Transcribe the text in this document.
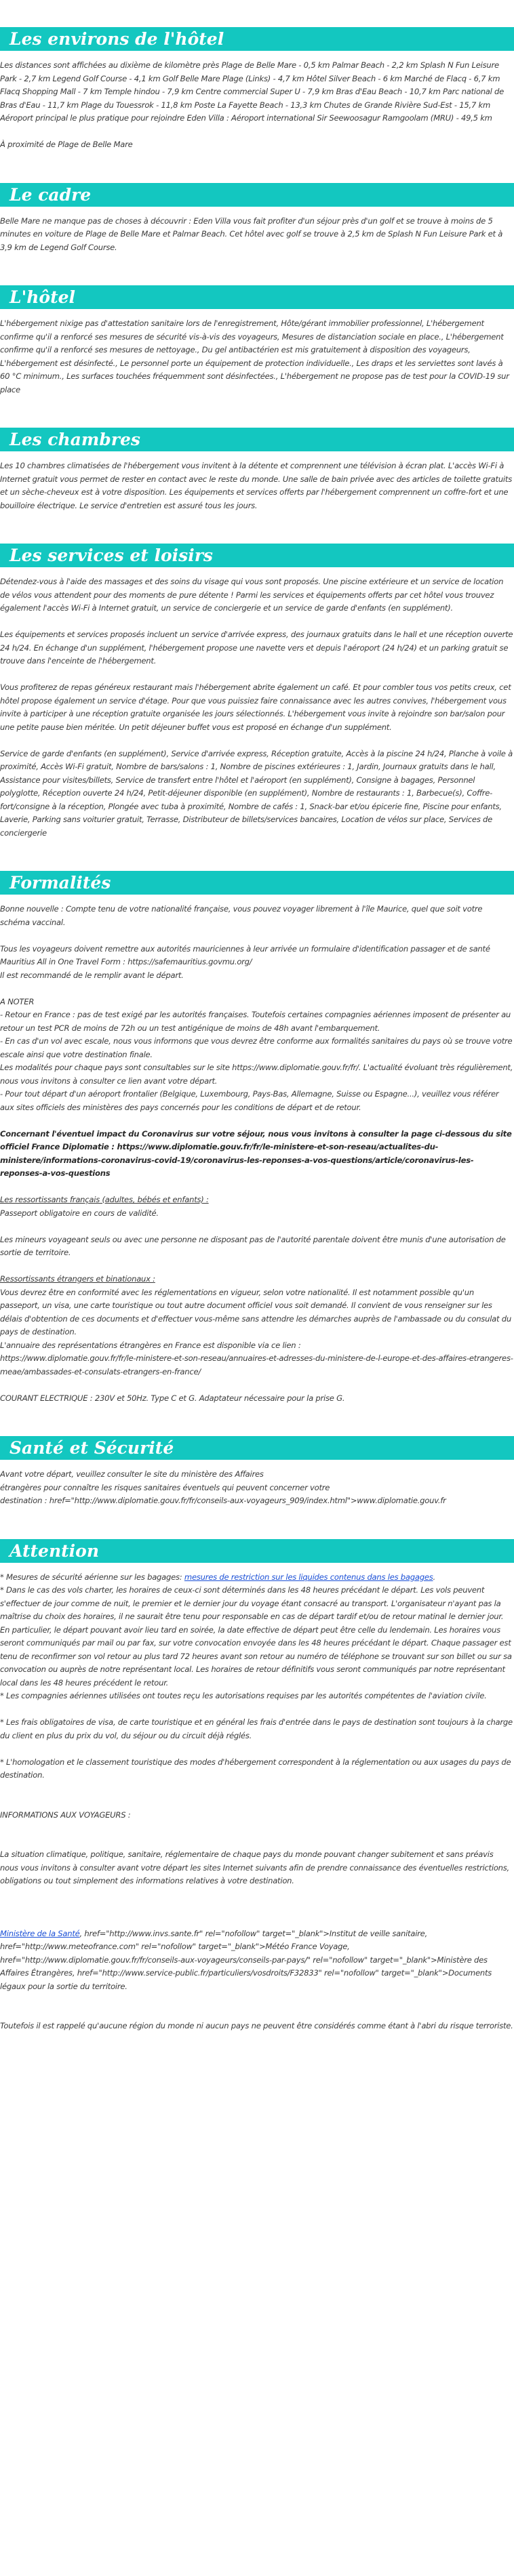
Les environs de l'hôtel

Les distances sont affichées au dixième de kilomètre près Plage de Belle Mare - 0,5 km Palmar Beach - 2,2 km Splash N Fun Leisure Park - 2,7 km Legend Golf Course - 4,1 km Golf Belle Mare Plage (Links) - 4,7 km Hôtel Silver Beach - 6 km Marché de Flacq - 6,7 km Flacq Shopping Mall - 7 km Temple hindou - 7,9 km Centre commercial Super U - 7,9 km Bras d'Eau Beach - 10,7 km Parc national de Bras d'Eau - 11,7 km Plage du Touessrok - 11,8 km Poste La Fayette Beach - 13,3 km Chutes de Grande Rivière Sud-Est - 15,7 km Aéroport principal le plus pratique pour rejoindre Eden Villa : Aéroport international Sir Seewoosagur Ramgoolam (MRU) - 49,5 km

À proximité de Plage de Belle Mare

Le cadre

Belle Mare ne manque pas de choses à découvrir : Eden Villa vous fait profiter d'un séjour près d'un golf et se trouve à moins de 5 minutes en voiture de Plage de Belle Mare et Palmar Beach. Cet hôtel avec golf se trouve à 2,5 km de Splash N Fun Leisure Park et à 3,9 km de Legend Golf Course.

L'hôtel

L'hébergement nixige pas d'attestation sanitaire lors de l'enregistrement, Hôte/gérant immobilier professionnel, L'hébergement confirme qu'il a renforcé ses mesures de sécurité vis-à-vis des voyageurs, Mesures de distanciation sociale en place., L'hébergement confirme qu'il a renforcé ses mesures de nettoyage., Du gel antibactérien est mis gratuitement à disposition des voyageurs, L'hébergement est désinfecté., Le personnel porte un équipement de protection individuelle., Les draps et les serviettes sont lavés à 60 °C minimum., Les surfaces touchées fréquemment sont désinfectées., L'hébergement ne propose pas de test pour la COVID-19 sur place

Les chambres

Les 10 chambres climatisées de l'hébergement vous invitent à la détente et comprennent une télévision à écran plat. L'accès Wi-Fi à Internet gratuit vous permet de rester en contact avec le reste du monde. Une salle de bain privée avec des articles de toilette gratuits et un sèche-cheveux est à votre disposition. Les équipements et services offerts par l'hébergement comprennent un coffre-fort et une bouilloire électrique. Le service d'entretien est assuré tous les jours.

Les services et loisirs

Détendez-vous à l'aide des massages et des soins du visage qui vous sont proposés. Une piscine extérieure et un service de location de vélos vous attendent pour des moments de pure détente ! Parmi les services et équipements offerts par cet hôtel vous trouvez également l'accès Wi-Fi à Internet gratuit, un service de conciergerie et un service de garde d'enfants (en supplément).

Les équipements et services proposés incluent un service d'arrivée express, des journaux gratuits dans le hall et une réception ouverte 24 h/24. En échange d'un supplément, l'hébergement propose une navette vers et depuis l'aéroport (24 h/24) et un parking gratuit se trouve dans l'enceinte de l'hébergement.

Vous profiterez de repas généreux restaurant mais l'hébergement abrite également un café. Et pour combler tous vos petits creux, cet hôtel propose également un service d'étage. Pour que vous puissiez faire connaissance avec les autres convives, l'hébergement vous invite à participer à une réception gratuite organisée les jours sélectionnés. L'hébergement vous invite à rejoindre son bar/salon pour une petite pause bien méritée. Un petit déjeuner buffet vous est proposé en échange d'un supplément.

Service de garde d'enfants (en supplément), Service d'arrivée express, Réception gratuite, Accès à la piscine 24 h/24, Planche à voile à proximité, Accès Wi-Fi gratuit, Nombre de bars/salons : 1, Nombre de piscines extérieures : 1, Jardin, Journaux gratuits dans le hall, Assistance pour visites/billets, Service de transfert entre l'hôtel et l'aéroport (en supplément), Consigne à bagages, Personnel polyglotte, Réception ouverte 24 h/24, Petit-déjeuner disponible (en supplément), Nombre de restaurants : 1, Barbecue(s), Coffre-fort/consigne à la réception, Plongée avec tuba à proximité, Nombre de cafés : 1, Snack-bar et/ou épicerie fine, Piscine pour enfants, Laverie, Parking sans voiturier gratuit, Terrasse, Distributeur de billets/services bancaires, Location de vélos sur place, Services de conciergerie

Formalités

Bonne nouvelle : Compte tenu de votre nationalité française, vous pouvez voyager librement à l'île Maurice, quel que soit votre schéma vaccinal.

Tous les voyageurs doivent remettre aux autorités mauriciennes à leur arrivée un formulaire d'identification passager et de santé Mauritius All in One Travel Form : https://safemauritius.govmu.org/
Il est recommandé de le remplir avant le départ.

A NOTER
- Retour en France : pas de test exigé par les autorités françaises. Toutefois certaines compagnies aériennes imposent de présenter au retour un test PCR de moins de 72h ou un test antigénique de moins de 48h avant l'embarquement.
- En cas d'un vol avec escale, nous vous informons que vous devrez être conforme aux formalités sanitaires du pays où se trouve votre escale ainsi que votre destination finale.
Les modalités pour chaque pays sont consultables sur le site https://www.diplomatie.gouv.fr/fr/. L'actualité évoluant très régulièrement, nous vous invitons à consulter ce lien avant votre départ.
- Pour tout départ d'un aéroport frontalier (Belgique, Luxembourg, Pays-Bas, Allemagne, Suisse ou Espagne...), veuillez vous référer aux sites officiels des ministères des pays concernés pour les conditions de départ et de retour.

Concernant l'éventuel impact du Coronavirus sur votre séjour, nous vous invitons à consulter la page ci-dessous du site officiel France Diplomatie : https://www.diplomatie.gouv.fr/fr/le-ministere-et-son-reseau/actualites-du-ministere/informations-coronavirus-covid-19/coronavirus-les-reponses-a-vos-questions/article/coronavirus-les-reponses-a-vos-questions

Les ressortissants français (adultes, bébés et enfants) :
Passeport obligatoire en cours de validité.

Les mineurs voyageant seuls ou avec une personne ne disposant pas de l'autorité parentale doivent être munis d'une autorisation de sortie de territoire.

Ressortissants étrangers et binationaux :
Vous devrez être en conformité avec les réglementations en vigueur, selon votre nationalité. Il est notamment possible qu'un passeport, un visa, une carte touristique ou tout autre document officiel vous soit demandé. Il convient de vous renseigner sur les délais d'obtention de ces documents et d'effectuer vous-même sans attendre les démarches auprès de l'ambassade ou du consulat du pays de destination.
L'annuaire des représentations étrangères en France est disponible via ce lien :
https://www.diplomatie.gouv.fr/fr/le-ministere-et-son-reseau/annuaires-et-adresses-du-ministere-de-l-europe-et-des-affaires-etrangeres-meae/ambassades-et-consulats-etrangers-en-france/

COURANT ELECTRIQUE : 230V et 50Hz. Type C et G. Adaptateur nécessaire pour la prise G.

Santé et Sécurité

Avant votre départ, veuillez consulter le site du ministère des Affaires
étrangères pour connaître les risques sanitaires éventuels qui peuvent concerner votre
destination : href="http://www.diplomatie.gouv.fr/fr/conseils-aux-voyageurs_909/index.html">www.diplomatie.gouv.fr

Attention

* Mesures de sécurité aérienne sur les bagages: mesures de restriction sur les liquides contenus dans les bagages.
* Dans le cas des vols charter, les horaires de ceux-ci sont déterminés dans les 48 heures précédant le départ. Les vols peuvent s'effectuer de jour comme de nuit, le premier et le dernier jour du voyage étant consacré au transport. L'organisateur n'ayant pas la maîtrise du choix des horaires, il ne saurait être tenu pour responsable en cas de départ tardif et/ou de retour matinal le dernier jour. En particulier, le départ pouvant avoir lieu tard en soirée, la date effective de départ peut être celle du lendemain. Les horaires vous seront communiqués par mail ou par fax, sur votre convocation envoyée dans les 48 heures précédant le départ. Chaque passager est tenu de reconfirmer son vol retour au plus tard 72 heures avant son retour au numéro de téléphone se trouvant sur son billet ou sur sa convocation ou auprès de notre représentant local. Les horaires de retour définitifs vous seront communiqués par notre représentant local dans les 48 heures précédent le retour.
* Les compagnies aériennes utilisées ont toutes reçu les autorisations requises par les autorités compétentes de l'aviation civile.

* Les frais obligatoires de visa, de carte touristique et en général les frais d'entrée dans le pays de destination sont toujours à la charge du client en plus du prix du vol, du séjour ou du circuit déjà réglés.

* L'homologation et le classement touristique des modes d'hébergement correspondent à la réglementation ou aux usages du pays de destination.

INFORMATIONS AUX VOYAGEURS :

La situation climatique, politique, sanitaire, réglementaire de chaque pays du monde pouvant changer subitement et sans préavis
nous vous invitons à consulter avant votre départ les sites Internet suivants afin de prendre connaissance des éventuelles restrictions, obligations ou tout simplement des informations relatives à votre destination.

Ministère de la Santé, href="http://www.invs.sante.fr" rel="nofollow" target="_blank">Institut de veille sanitaire, href="http://www.meteofrance.com" rel="nofollow" target="_blank">Météo France Voyage, href="http://www.diplomatie.gouv.fr/fr/conseils-aux-voyageurs/conseils-par-pays/" rel="nofollow" target="_blank">Ministère des Affaires Étrangères, href="http://www.service-public.fr/particuliers/vosdroits/F32833" rel="nofollow" target="_blank">Documents légaux pour la sortie du territoire.

Toutefois il est rappelé qu'aucune région du monde ni aucun pays ne peuvent être considérés comme étant à l'abri du risque terroriste.
